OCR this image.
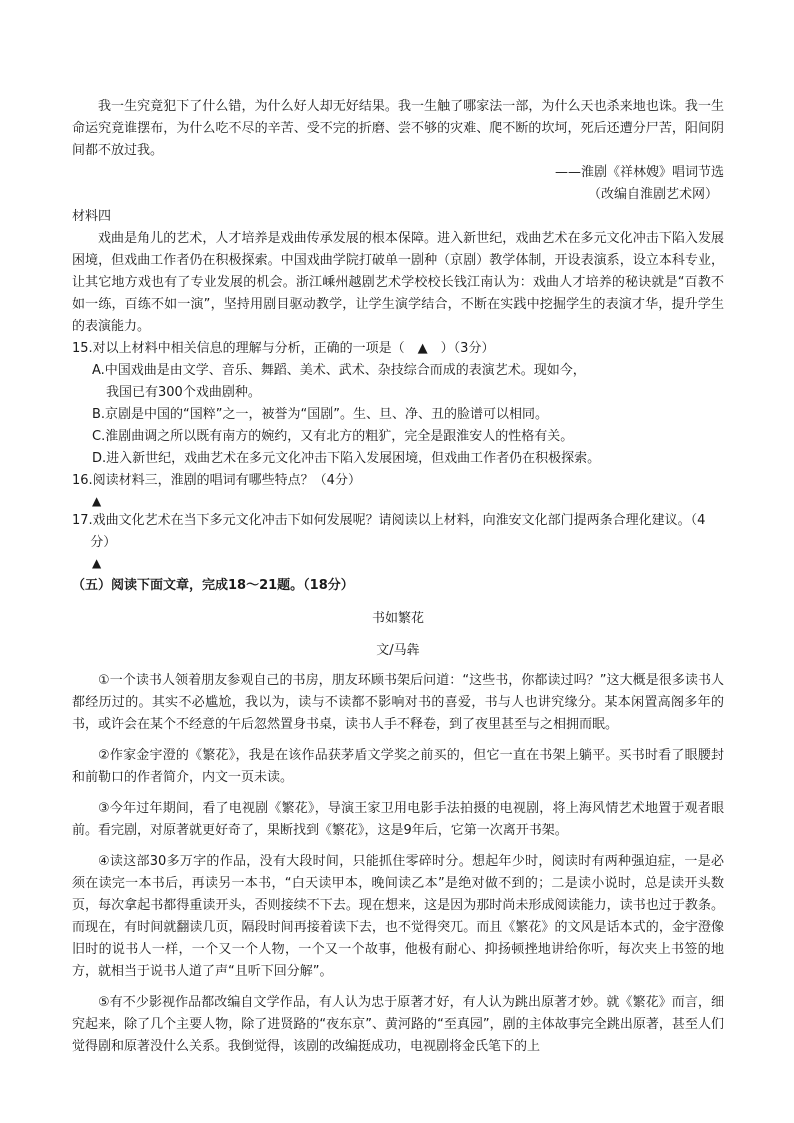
我一生究竟犯下了什么错，为什么好人却无好结果。我一生触了哪家法一部，为什么天也杀来地也诛。我一生命运究竟谁摆布，为什么吃不尽的辛苦、受不完的折磨、尝不够的灾难、爬不断的坎坷，死后还遭分尸苦，阳间阴间都不放过我。

——淮剧《祥林嫂》唱词节选

（改编自淮剧艺术网）

材料四

戏曲是角儿的艺术，人才培养是戏曲传承发展的根本保障。进入新世纪，戏曲艺术在多元文化冲击下陷入发展困境，但戏曲工作者仍在积极探索。中国戏曲学院打破单一剧种（京剧）教学体制，开设表演系，设立本科专业，让其它地方戏也有了专业发展的机会。浙江嵊州越剧艺术学校校长钱江南认为：戏曲人才培养的秘诀就是“百教不如一练，百练不如一演”，坚持用剧目驱动教学，让学生演学结合，不断在实践中挖掘学生的表演才华，提升学生的表演能力。

15.对以上材料中相关信息的理解与分析，正确的一项是（　▲　）（3分）

A.中国戏曲是由文学、音乐、舞蹈、美术、武术、杂技综合而成的表演艺术。现如今，

我国已有300个戏曲剧种。

B.京剧是中国的“国粹”之一，被誉为“国剧”。生、旦、净、丑的脸谱可以相同。

C.淮剧曲调之所以既有南方的婉约，又有北方的粗犷，完全是跟淮安人的性格有关。

D.进入新世纪，戏曲艺术在多元文化冲击下陷入发展困境，但戏曲工作者仍在积极探索。

16.阅读材料三，淮剧的唱词有哪些特点？（4分）

▲

17.戏曲文化艺术在当下多元文化冲击下如何发展呢？请阅读以上材料，向淮安文化部门提两条合理化建议。（4分）

▲

（五）阅读下面文章，完成18～21题。（18分）

书如繁花

文/马犇

①一个读书人领着朋友参观自己的书房，朋友环顾书架后问道：“这些书，你都读过吗？”这大概是很多读书人都经历过的。其实不必尴尬，我以为，读与不读都不影响对书的喜爱，书与人也讲究缘分。某本闲置高阁多年的书，或许会在某个不经意的午后忽然置身书桌，读书人手不释卷，到了夜里甚至与之相拥而眠。

②作家金宇澄的《繁花》，我是在该作品获茅盾文学奖之前买的，但它一直在书架上躺平。买书时看了眼腰封和前勒口的作者简介，内文一页未读。

③今年过年期间，看了电视剧《繁花》，导演王家卫用电影手法拍摄的电视剧，将上海风情艺术地置于观者眼前。看完剧，对原著就更好奇了，果断找到《繁花》，这是9年后，它第一次离开书架。

④读这部30多万字的作品，没有大段时间，只能抓住零碎时分。想起年少时，阅读时有两种强迫症，一是必须在读完一本书后，再读另一本书，“白天读甲本，晚间读乙本”是绝对做不到的；二是读小说时，总是读开头数页，每次拿起书都得重读开头，否则接续不下去。现在想来，这是因为那时尚未形成阅读能力，读书也过于教条。而现在，有时间就翻读几页，隔段时间再接着读下去，也不觉得突兀。而且《繁花》的文风是话本式的，金宇澄像旧时的说书人一样，一个又一个人物，一个又一个故事，他极有耐心、抑扬顿挫地讲给你听，每次夹上书签的地方，就相当于说书人道了声“且听下回分解”。

⑤有不少影视作品都改编自文学作品，有人认为忠于原著才好，有人认为跳出原著才妙。就《繁花》而言，细究起来，除了几个主要人物，除了进贤路的“夜东京”、黄河路的“至真园”，剧的主体故事完全跳出原著，甚至人们觉得剧和原著没什么关系。我倒觉得，该剧的改编挺成功，电视剧将金氏笔下的上
